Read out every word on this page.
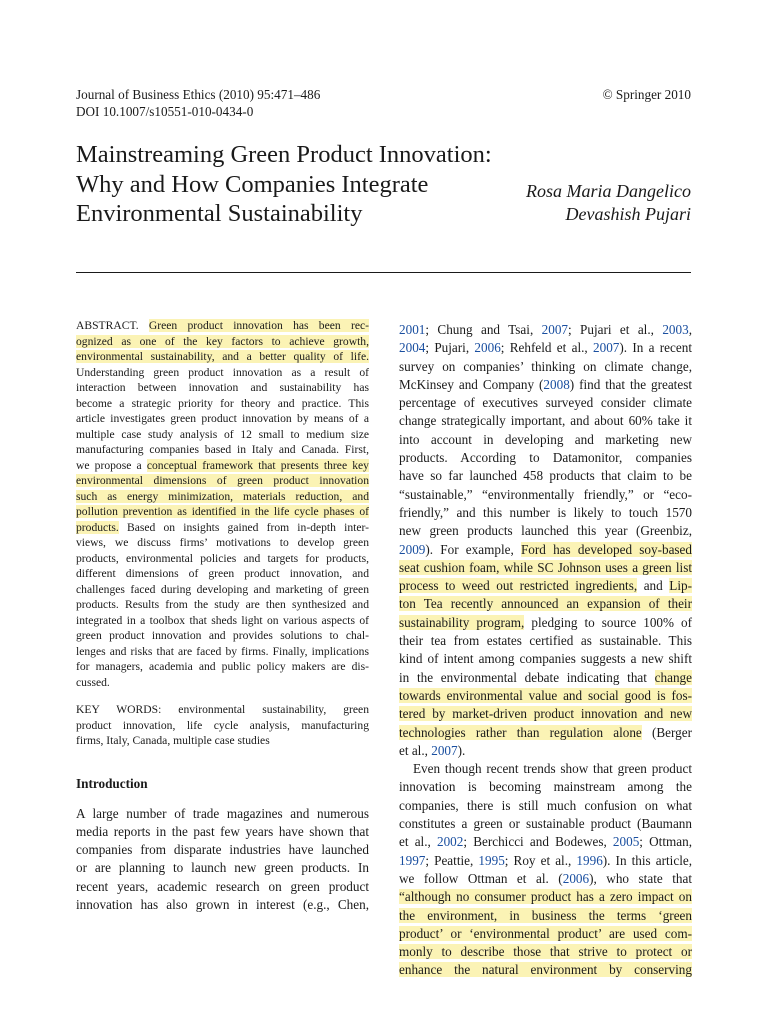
Journal of Business Ethics (2010) 95:471–486
DOI 10.1007/s10551-010-0434-0
© Springer 2010
Mainstreaming Green Product Innovation:
Why and How Companies Integrate
Environmental Sustainability
Rosa Maria Dangelico
Devashish Pujari
ABSTRACT. Green product innovation has been rec-
ognized as one of the key factors to achieve growth,
environmental sustainability, and a better quality of life.
Understanding green product innovation as a result of
interaction between innovation and sustainability has
become a strategic priority for theory and practice. This
article investigates green product innovation by means of a
multiple case study analysis of 12 small to medium size
manufacturing companies based in Italy and Canada. First,
we propose a conceptual framework that presents three key
environmental dimensions of green product innovation
such as energy minimization, materials reduction, and
pollution prevention as identified in the life cycle phases of
products. Based on insights gained from in-depth inter-
views, we discuss firms’ motivations to develop green
products, environmental policies and targets for products,
different dimensions of green product innovation, and
challenges faced during developing and marketing of green
products. Results from the study are then synthesized and
integrated in a toolbox that sheds light on various aspects of
green product innovation and provides solutions to chal-
lenges and risks that are faced by firms. Finally, implications
for managers, academia and public policy makers are dis-
cussed.
KEY WORDS: environmental sustainability, green
product innovation, life cycle analysis, manufacturing
firms, Italy, Canada, multiple case studies
Introduction
A large number of trade magazines and numerous
media reports in the past few years have shown that
companies from disparate industries have launched
or are planning to launch new green products. In
recent years, academic research on green product
innovation has also grown in interest (e.g., Chen,
2001; Chung and Tsai, 2007; Pujari et al., 2003,
2004; Pujari, 2006; Rehfeld et al., 2007). In a recent
survey on companies’ thinking on climate change,
McKinsey and Company (2008) find that the greatest
percentage of executives surveyed consider climate
change strategically important, and about 60% take it
into account in developing and marketing new
products. According to Datamonitor, companies
have so far launched 458 products that claim to be
“sustainable,” “environmentally friendly,” or “eco-
friendly,” and this number is likely to touch 1570
new green products launched this year (Greenbiz,
2009). For example, Ford has developed soy-based
seat cushion foam, while SC Johnson uses a green list
process to weed out restricted ingredients, and Lip-
ton Tea recently announced an expansion of their
sustainability program, pledging to source 100% of
their tea from estates certified as sustainable. This
kind of intent among companies suggests a new shift
in the environmental debate indicating that change
towards environmental value and social good is fos-
tered by market-driven product innovation and new
technologies rather than regulation alone (Berger
et al., 2007).
Even though recent trends show that green product
innovation is becoming mainstream among the
companies, there is still much confusion on what
constitutes a green or sustainable product (Baumann
et al., 2002; Berchicci and Bodewes, 2005; Ottman,
1997; Peattie, 1995; Roy et al., 1996). In this article,
we follow Ottman et al. (2006), who state that
“although no consumer product has a zero impact on
the environment, in business the terms ‘green
product’ or ‘environmental product’ are used com-
monly to describe those that strive to protect or
enhance the natural environment by conserving
